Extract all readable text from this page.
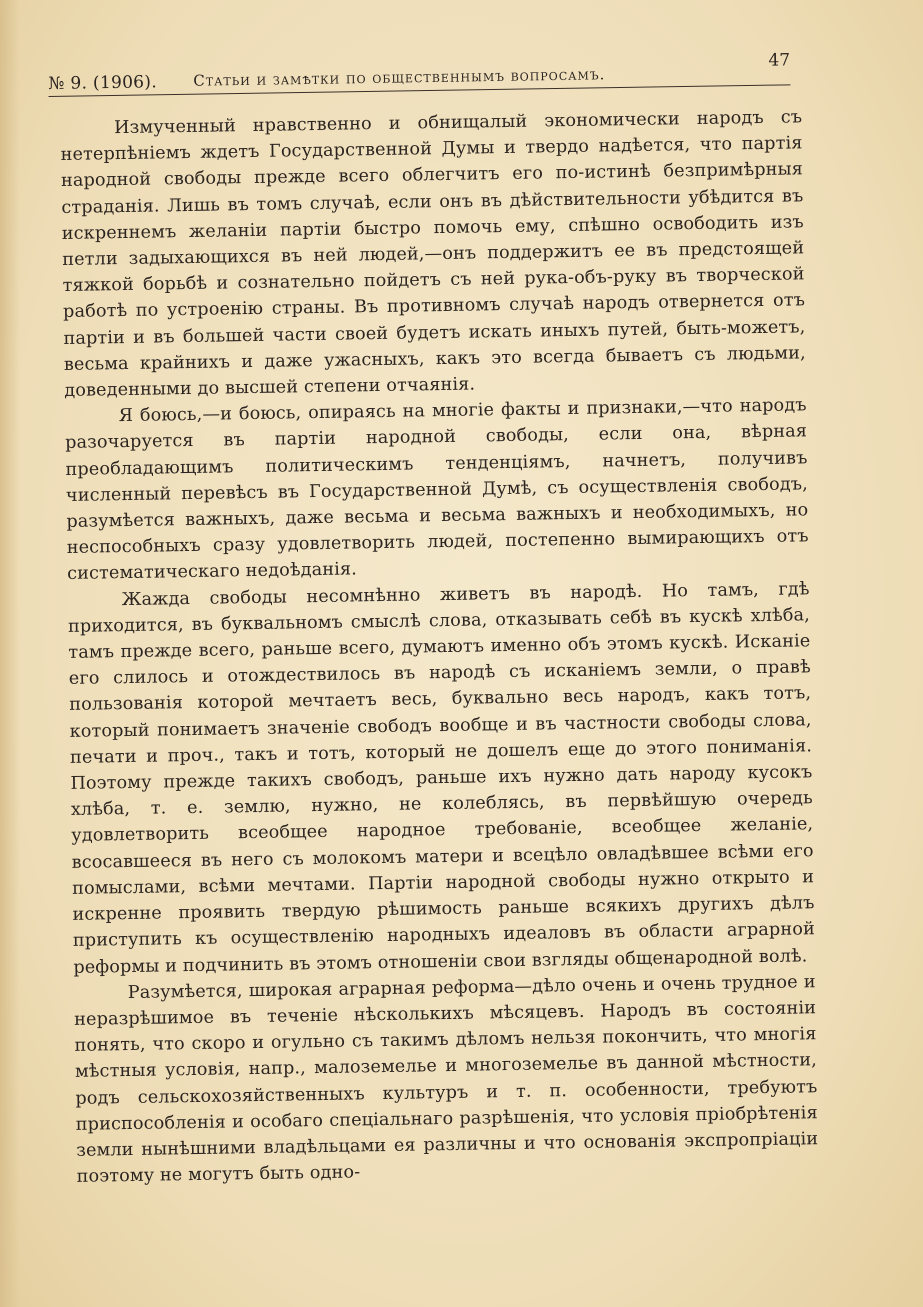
№ 9. (1906). Статьи и замѣтки по общественнымъ вопросамъ.
47

Измученный нравственно и обнищалый экономически народъ съ нетерпѣніемъ ждетъ Государственной Думы и твердо надѣется, что партія народной свободы прежде всего облегчитъ его по-истинѣ безпримѣрныя страданія. Лишь въ томъ случаѣ, если онъ въ дѣйствительности убѣдится въ искреннемъ желаніи партіи быстро помочь ему, спѣшно освободить изъ петли задыхающихся въ ней людей,—онъ поддержитъ ее въ предстоящей тяжкой борьбѣ и сознательно пойдетъ съ ней рука-объ-руку въ творческой работѣ по устроенію страны. Въ противномъ случаѣ народъ отвернется отъ партіи и въ большей части своей будетъ искать иныхъ путей, быть-можетъ, весьма крайнихъ и даже ужасныхъ, какъ это всегда бываетъ съ людьми, доведенными до высшей степени отчаянія.

Я боюсь,—и боюсь, опираясь на многіе факты и признаки,—что народъ разочаруется въ партіи народной свободы, если она, вѣрная преобладающимъ политическимъ тенденціямъ, начнетъ, получивъ численный перевѣсъ въ Государственной Думѣ, съ осуществленія свободъ, разумѣется важныхъ, даже весьма и весьма важныхъ и необходимыхъ, но неспособныхъ сразу удовлетворить людей, постепенно вымирающихъ отъ систематическаго недоѣданія.

Жажда свободы несомнѣнно живетъ въ народѣ. Но тамъ, гдѣ приходится, въ буквальномъ смыслѣ слова, отказывать себѣ въ кускѣ хлѣба, тамъ прежде всего, раньше всего, думаютъ именно объ этомъ кускѣ. Исканіе его слилось и отождествилось въ народѣ съ исканіемъ земли, о правѣ пользованія которой мечтаетъ весь, буквально весь народъ, какъ тотъ, который понимаетъ значеніе свободъ вообще и въ частности свободы слова, печати и проч., такъ и тотъ, который не дошелъ еще до этого пониманія. Поэтому прежде такихъ свободъ, раньше ихъ нужно дать народу кусокъ хлѣба, т. е. землю, нужно, не колеблясь, въ первѣйшую очередь удовлетворить всеобщее народное требованіе, всеобщее желаніе, всосавшееся въ него съ молокомъ матери и всецѣло овладѣвшее всѣми его помыслами, всѣми мечтами. Партіи народной свободы нужно открыто и искренне проявить твердую рѣшимость раньше всякихъ другихъ дѣлъ приступить къ осуществленію народныхъ идеаловъ въ области аграрной реформы и подчинить въ этомъ отношеніи свои взгляды общенародной волѣ.

Разумѣется, широкая аграрная реформа—дѣло очень и очень трудное и неразрѣшимое въ теченіе нѣсколькихъ мѣсяцевъ. Народъ въ состояніи понять, что скоро и огульно съ такимъ дѣломъ нельзя покончить, что многія мѣстныя условія, напр., малоземелье и многоземелье въ данной мѣстности, родъ сельскохозяйственныхъ культуръ и т. п. особенности, требуютъ приспособленія и особаго спеціальнаго разрѣшенія, что условія пріобрѣтенія земли нынѣшними владѣльцами ея различны и что основанія экспропріаціи поэтому не могутъ быть одно-
